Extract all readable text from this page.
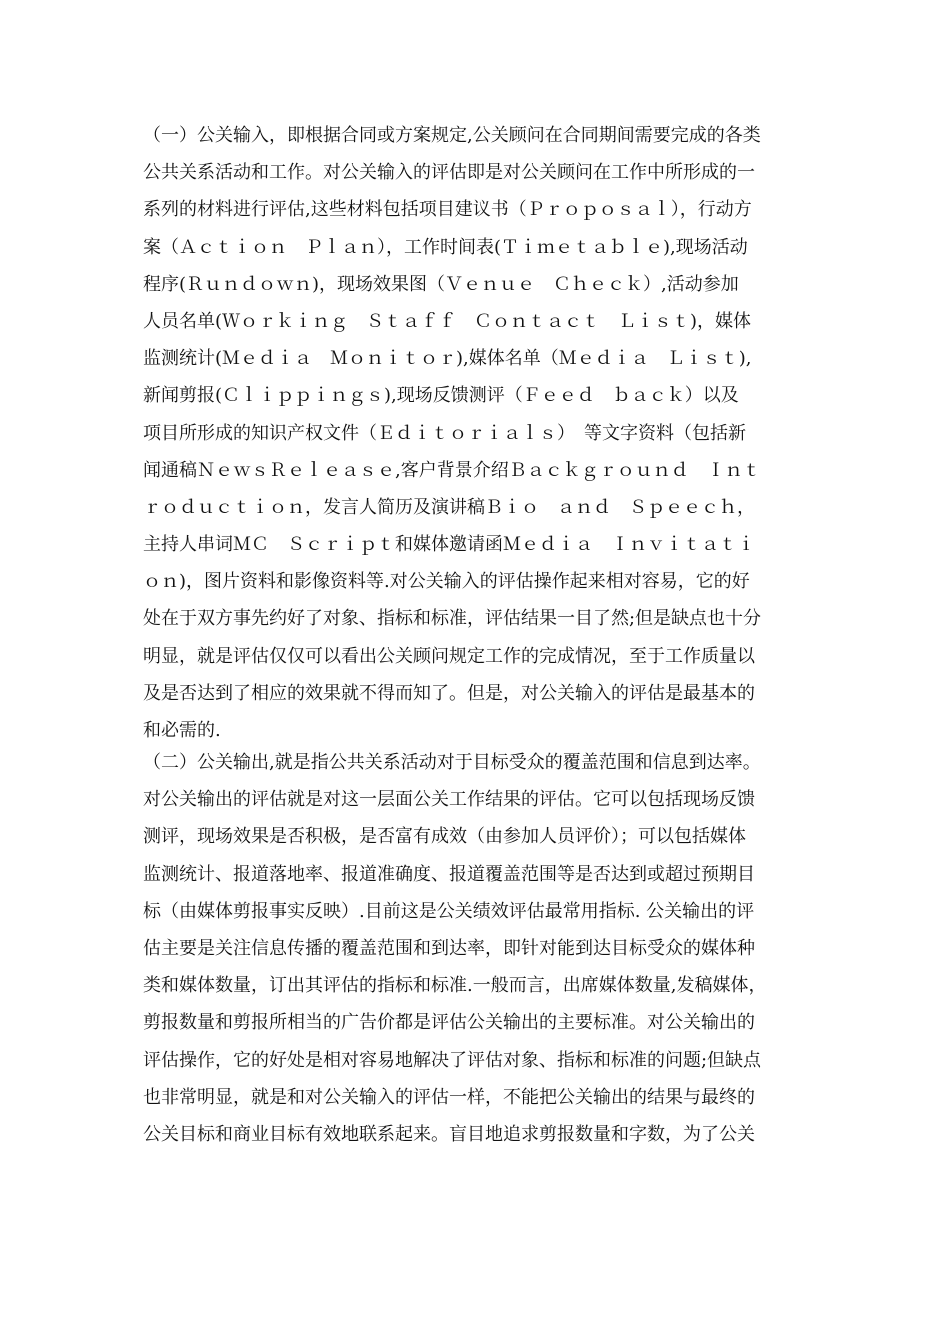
（一）公关输入，即根据合同或方案规定,公关顾问在合同期间需要完成的各类
公共关系活动和工作。对公关输入的评估即是对公关顾问在工作中所形成的一
系列的材料进行评估,这些材料包括项目建议书（Ｐｒｏｐｏｓａｌ），行动方
案（Ａｃｔｉｏｎ　Ｐｌａｎ），工作时间表(Ｔｉｍｅｔａｂｌｅ),现场活动
程序(Ｒｕｎｄｏｗｎ)，现场效果图（Ｖｅｎｕｅ　Ｃｈｅｃｋ）,活动参加
人员名单(Ｗｏｒｋｉｎｇ　Ｓｔａｆｆ　Ｃｏｎｔａｃｔ　Ｌｉｓｔ)，媒体
监测统计(Ｍｅｄｉａ　Ｍｏｎｉｔｏｒ),媒体名单（Ｍｅｄｉａ　Ｌｉｓｔ),
新闻剪报(Ｃｌｉｐｐｉｎｇｓ),现场反馈测评（Ｆｅｅｄ　ｂａｃｋ）以及
项目所形成的知识产权文件（Ｅｄｉｔｏｒｉａｌｓ）　等文字资料（包括新
闻通稿ＮｅｗｓＲｅｌｅａｓｅ,客户背景介绍Ｂａｃｋｇｒｏｕｎｄ　Ｉｎｔ
ｒｏｄｕｃｔｉｏｎ，发言人简历及演讲稿Ｂｉｏ　ａｎｄ　Ｓｐｅｅｃｈ，
主持人串词ＭＣ　Ｓｃｒｉｐｔ和媒体邀请函Ｍｅｄｉａ　Ｉｎｖｉｔａｔｉ
ｏｎ)，图片资料和影像资料等.对公关输入的评估操作起来相对容易，它的好
处在于双方事先约好了对象、指标和标准，评估结果一目了然;但是缺点也十分
明显，就是评估仅仅可以看出公关顾问规定工作的完成情况，至于工作质量以
及是否达到了相应的效果就不得而知了。但是，对公关输入的评估是最基本的
和必需的.
（二）公关输出,就是指公共关系活动对于目标受众的覆盖范围和信息到达率。
对公关输出的评估就是对这一层面公关工作结果的评估。它可以包括现场反馈
测评，现场效果是否积极，是否富有成效（由参加人员评价）；可以包括媒体
监测统计、报道落地率、报道准确度、报道覆盖范围等是否达到或超过预期目
标（由媒体剪报事实反映）.目前这是公关绩效评估最常用指标. 公关输出的评
估主要是关注信息传播的覆盖范围和到达率，即针对能到达目标受众的媒体种
类和媒体数量，订出其评估的指标和标准.一般而言，出席媒体数量,发稿媒体，
剪报数量和剪报所相当的广告价都是评估公关输出的主要标准。对公关输出的
评估操作，它的好处是相对容易地解决了评估对象、指标和标准的问题;但缺点
也非常明显，就是和对公关输入的评估一样，不能把公关输出的结果与最终的
公关目标和商业目标有效地联系起来。盲目地追求剪报数量和字数，为了公关
